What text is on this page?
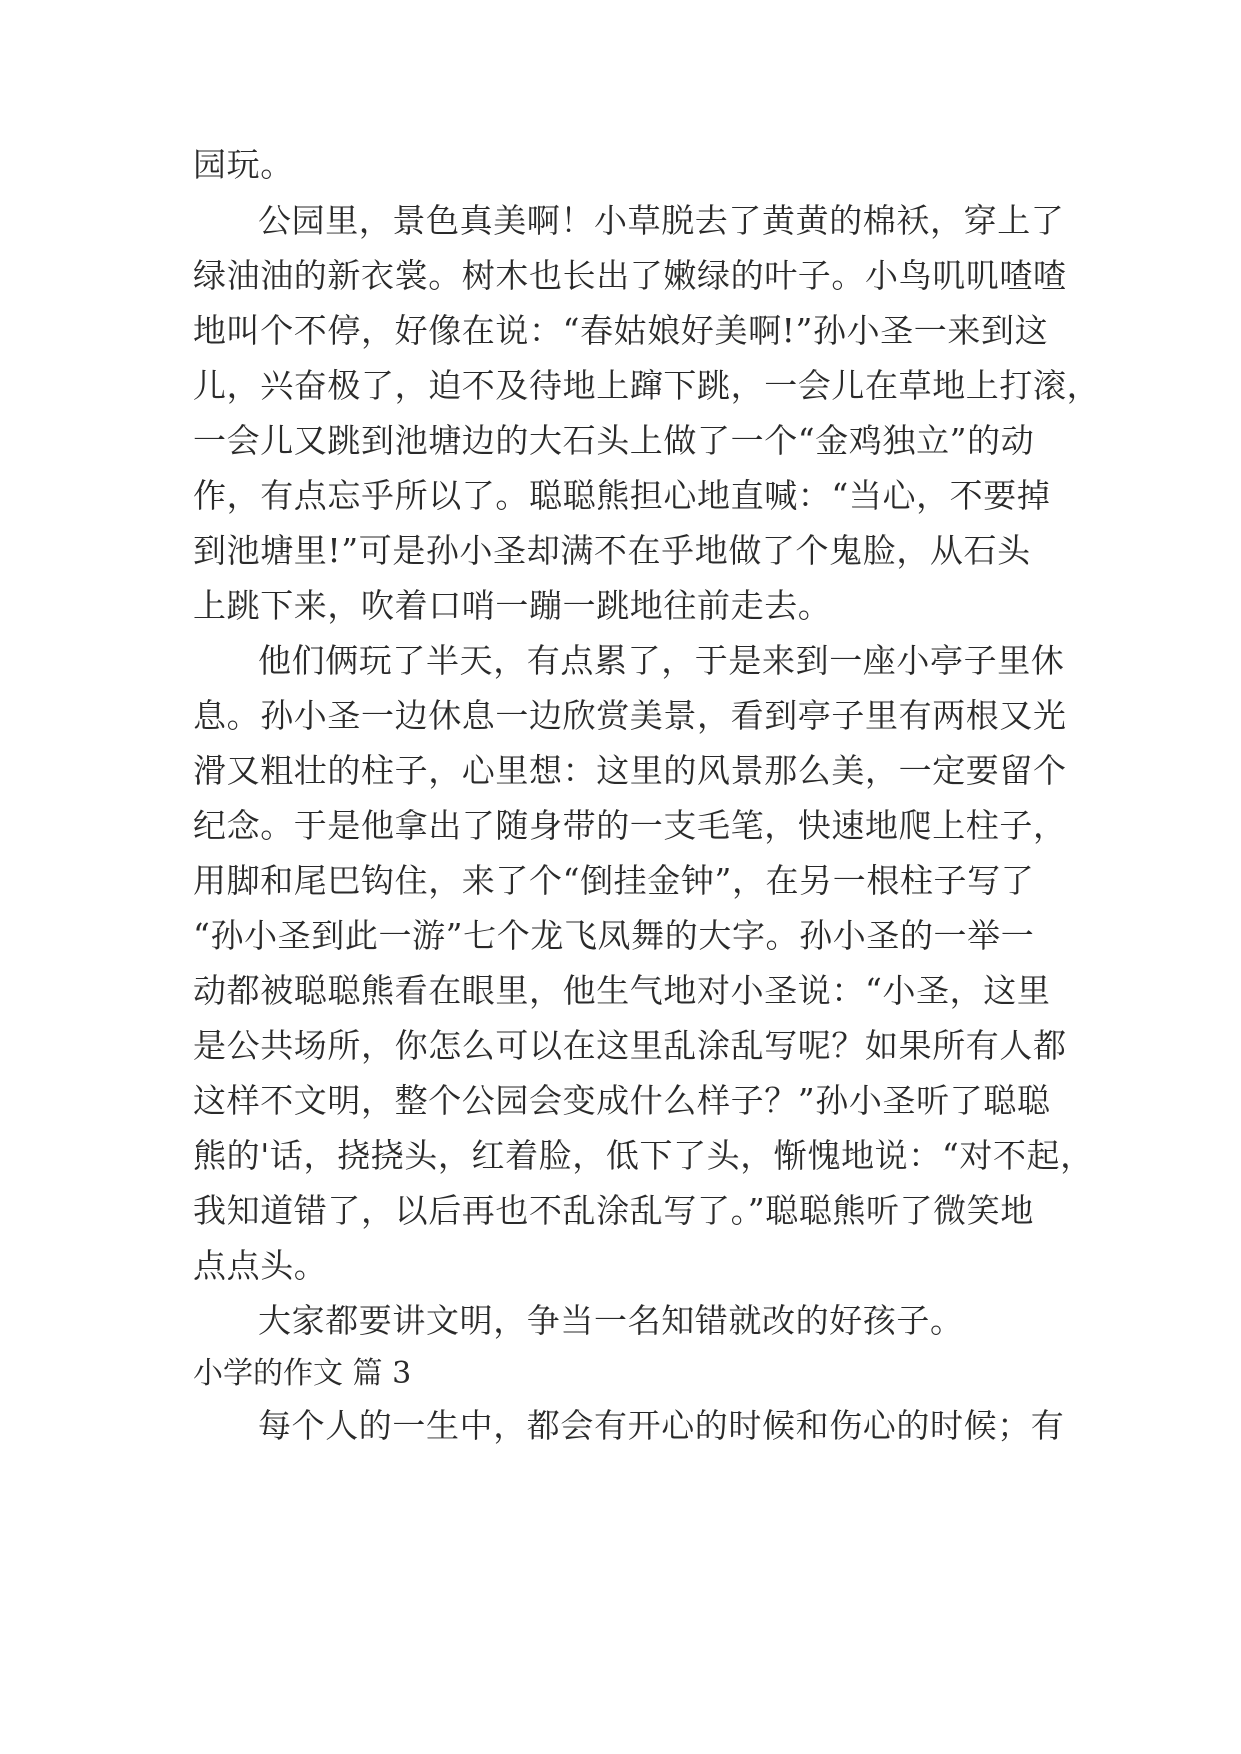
园玩。
公园里，景色真美啊！小草脱去了黄黄的棉袄，穿上了
绿油油的新衣裳。树木也长出了嫩绿的叶子。小鸟叽叽喳喳
地叫个不停，好像在说：“春姑娘好美啊!”孙小圣一来到这
儿，兴奋极了，迫不及待地上蹿下跳，一会儿在草地上打滚，
一会儿又跳到池塘边的大石头上做了一个“金鸡独立”的动
作，有点忘乎所以了。聪聪熊担心地直喊：“当心，不要掉
到池塘里!”可是孙小圣却满不在乎地做了个鬼脸，从石头
上跳下来，吹着口哨一蹦一跳地往前走去。
他们俩玩了半天，有点累了，于是来到一座小亭子里休
息。孙小圣一边休息一边欣赏美景，看到亭子里有两根又光
滑又粗壮的柱子，心里想：这里的风景那么美，一定要留个
纪念。于是他拿出了随身带的一支毛笔，快速地爬上柱子，
用脚和尾巴钩住，来了个“倒挂金钟”，在另一根柱子写了
“孙小圣到此一游”七个龙飞凤舞的大字。孙小圣的一举一
动都被聪聪熊看在眼里，他生气地对小圣说：“小圣，这里
是公共场所，你怎么可以在这里乱涂乱写呢？如果所有人都
这样不文明，整个公园会变成什么样子？”孙小圣听了聪聪
熊的'话，挠挠头，红着脸，低下了头，惭愧地说：“对不起，
我知道错了，以后再也不乱涂乱写了。”聪聪熊听了微笑地
点点头。
大家都要讲文明，争当一名知错就改的好孩子。
小学的作文 篇 3
每个人的一生中，都会有开心的时候和伤心的时候；有
